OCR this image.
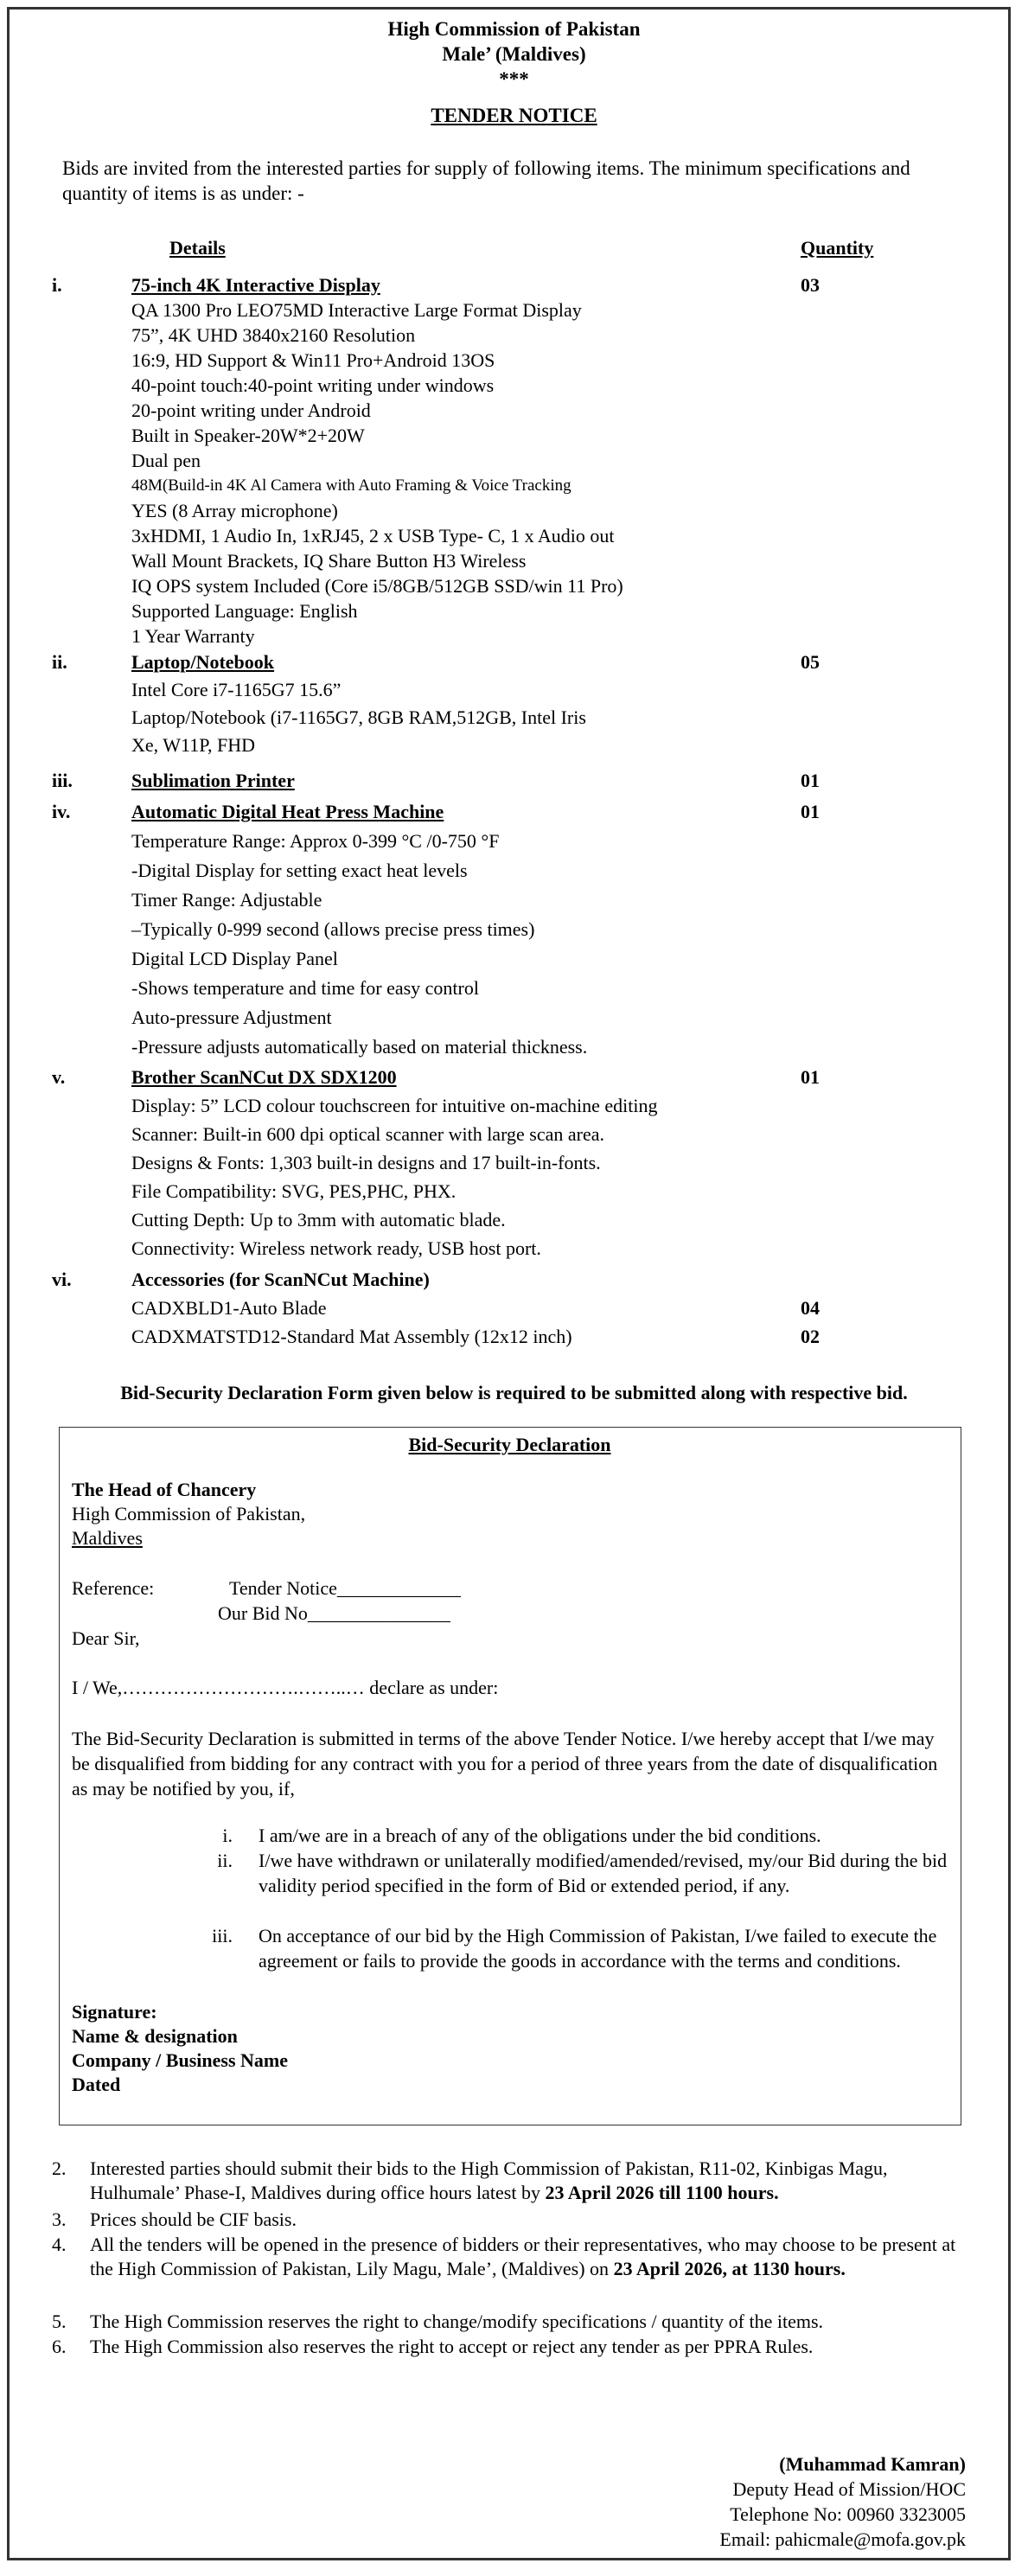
High Commission of Pakistan
Male’ (Maldives)
***
TENDER NOTICE
Bids are invited from the interested parties for supply of following items. The minimum specifications and quantity of items is as under: -
Details	Quantity
i.	75-inch 4K Interactive Display	03
QA 1300 Pro LEO75MD Interactive Large Format Display
75”, 4K UHD 3840x2160 Resolution
16:9, HD Support & Win11 Pro+Android 13OS
40-point touch:40-point writing under windows
20-point writing under Android
Built in Speaker-20W*2+20W
Dual pen
48M(Build-in 4K Al Camera with Auto Framing & Voice Tracking
YES (8 Array microphone)
3xHDMI, 1 Audio In, 1xRJ45, 2 x USB Type- C, 1 x Audio out
Wall Mount Brackets, IQ Share Button H3 Wireless
IQ OPS system Included (Core i5/8GB/512GB SSD/win 11 Pro)
Supported Language: English
1 Year Warranty
ii.	Laptop/Notebook	05
Intel Core i7-1165G7 15.6”
Laptop/Notebook (i7-1165G7, 8GB RAM,512GB, Intel Iris
Xe, W11P, FHD
iii.	Sublimation Printer	01
iv.	Automatic Digital Heat Press Machine	01
Temperature Range: Approx 0-399 °C /0-750 °F
-Digital Display for setting exact heat levels
Timer Range: Adjustable
–Typically 0-999 second (allows precise press times)
Digital LCD Display Panel
-Shows temperature and time for easy control
Auto-pressure Adjustment
-Pressure adjusts automatically based on material thickness.
v.	Brother ScanNCut DX SDX1200	01
Display: 5” LCD colour touchscreen for intuitive on-machine editing
Scanner: Built-in 600 dpi optical scanner with large scan area.
Designs & Fonts: 1,303 built-in designs and 17 built-in-fonts.
File Compatibility: SVG, PES,PHC, PHX.
Cutting Depth: Up to 3mm with automatic blade.
Connectivity: Wireless network ready, USB host port.
vi.	Accessories (for ScanNCut Machine)
CADXBLD1-Auto Blade	04
CADXMATSTD12-Standard Mat Assembly (12x12 inch)	02
Bid-Security Declaration Form given below is required to be submitted along with respective bid.
Bid-Security Declaration
The Head of Chancery
High Commission of Pakistan,
Maldives
Reference:	Tender Notice_____________
Our Bid No_______________
Dear Sir,
I / We,……………………….……..… declare as under:
The Bid-Security Declaration is submitted in terms of the above Tender Notice. I/we hereby accept that I/we may be disqualified from bidding for any contract with you for a period of three years from the date of disqualification as may be notified by you, if,
i. I am/we are in a breach of any of the obligations under the bid conditions.
ii. I/we have withdrawn or unilaterally modified/amended/revised, my/our Bid during the bid validity period specified in the form of Bid or extended period, if any.
iii. On acceptance of our bid by the High Commission of Pakistan, I/we failed to execute the agreement or fails to provide the goods in accordance with the terms and conditions.
Signature:
Name & designation
Company / Business Name
Dated
2. Interested parties should submit their bids to the High Commission of Pakistan, R11-02, Kinbigas Magu, Hulhumale’ Phase-I, Maldives during office hours latest by 23 April 2026 till 1100 hours.
3. Prices should be CIF basis.
4. All the tenders will be opened in the presence of bidders or their representatives, who may choose to be present at the High Commission of Pakistan, Lily Magu, Male’, (Maldives) on 23 April 2026, at 1130 hours.
5. The High Commission reserves the right to change/modify specifications / quantity of the items.
6. The High Commission also reserves the right to accept or reject any tender as per PPRA Rules.
(Muhammad Kamran)
Deputy Head of Mission/HOC
Telephone No: 00960 3323005
Email: pahicmale@mofa.gov.pk
